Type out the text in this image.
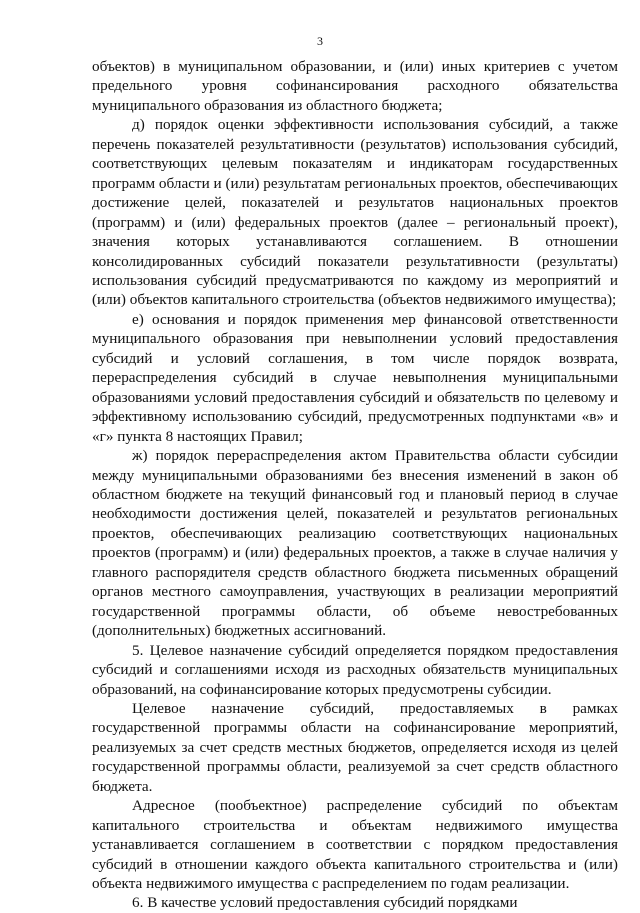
3

объектов) в муниципальном образовании, и (или) иных критериев с учетом предельного уровня софинансирования расходного обязательства муниципального образования из областного бюджета;

д) порядок оценки эффективности использования субсидий, а также перечень показателей результативности (результатов) использования субсидий, соответствующих целевым показателям и индикаторам государственных программ области и (или) результатам региональных проектов, обеспечивающих достижение целей, показателей и результатов национальных проектов (программ) и (или) федеральных проектов (далее – региональный проект), значения которых устанавливаются соглашением. В отношении консолидированных субсидий показатели результативности (результаты) использования субсидий предусматриваются по каждому из мероприятий и (или) объектов капитального строительства (объектов недвижимого имущества);

е) основания и порядок применения мер финансовой ответственности муниципального образования при невыполнении условий предоставления субсидий и условий соглашения, в том числе порядок возврата, перераспределения субсидий в случае невыполнения муниципальными образованиями условий предоставления субсидий и обязательств по целевому и эффективному использованию субсидий, предусмотренных подпунктами «в» и «г» пункта 8 настоящих Правил;

ж) порядок перераспределения актом Правительства области субсидии между муниципальными образованиями без внесения изменений в закон об областном бюджете на текущий финансовый год и плановый период в случае необходимости достижения целей, показателей и результатов региональных проектов, обеспечивающих реализацию соответствующих национальных проектов (программ) и (или) федеральных проектов, а также в случае наличия у главного распорядителя средств областного бюджета письменных обращений органов местного самоуправления, участвующих в реализации мероприятий государственной программы области, об объеме невостребованных (дополнительных) бюджетных ассигнований.

5. Целевое назначение субсидий определяется порядком предоставления субсидий и соглашениями исходя из расходных обязательств муниципальных образований, на софинансирование которых предусмотрены субсидии.

Целевое назначение субсидий, предоставляемых в рамках государственной программы области на софинансирование мероприятий, реализуемых за счет средств местных бюджетов, определяется исходя из целей государственной программы области, реализуемой за счет средств областного бюджета.

Адресное (пообъектное) распределение субсидий по объектам капитального строительства и объектам недвижимого имущества устанавливается соглашением в соответствии с порядком предоставления субсидий в отношении каждого объекта капитального строительства и (или) объекта недвижимого имущества с распределением по годам реализации.

6. В качестве условий предоставления субсидий порядками
